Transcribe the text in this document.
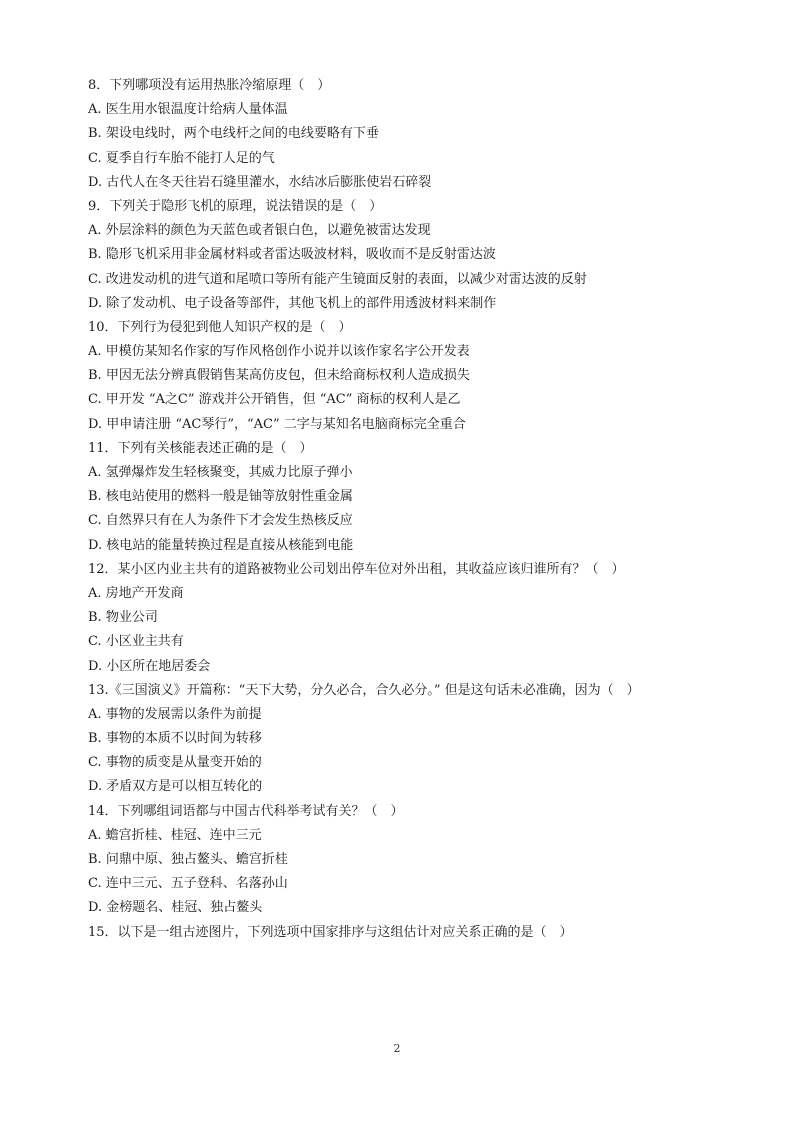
8．下列哪项没有运用热胀冷缩原理（　）
A. 医生用水银温度计给病人量体温
B. 架设电线时，两个电线杆之间的电线要略有下垂
C. 夏季自行车胎不能打人足的气
D. 古代人在冬天往岩石缝里灌水，水结冰后膨胀使岩石碎裂
9．下列关于隐形飞机的原理，说法错误的是（　）
A. 外层涂料的颜色为天蓝色或者银白色，以避免被雷达发现
B. 隐形飞机采用非金属材料或者雷达吸波材料，吸收而不是反射雷达波
C. 改进发动机的进气道和尾喷口等所有能产生镜面反射的表面，以减少对雷达波的反射
D. 除了发动机、电子设备等部件，其他飞机上的部件用透波材料来制作
10．下列行为侵犯到他人知识产权的是（　）
A. 甲模仿某知名作家的写作风格创作小说并以该作家名字公开发表
B. 甲因无法分辨真假销售某高仿皮包，但未给商标权利人造成损失
C. 甲开发 “A之C” 游戏并公开销售，但 “AC” 商标的权利人是乙
D. 甲申请注册 “AC琴行”，“AC” 二字与某知名电脑商标完全重合
11．下列有关核能表述正确的是（　）
A. 氢弹爆炸发生轻核聚变，其威力比原子弹小
B. 核电站使用的燃料一般是铀等放射性重金属
C. 自然界只有在人为条件下才会发生热核反应
D. 核电站的能量转换过程是直接从核能到电能
12．某小区内业主共有的道路被物业公司划出停车位对外出租，其收益应该归谁所有？（　）
A. 房地产开发商
B. 物业公司
C. 小区业主共有
D. 小区所在地居委会
13.《三国演义》开篇称：“天下大势，分久必合，合久必分。” 但是这句话未必准确，因为（　）
A. 事物的发展需以条件为前提
B. 事物的本质不以时间为转移
C. 事物的质变是从量变开始的
D. 矛盾双方是可以相互转化的
14．下列哪组词语都与中国古代科举考试有关？（　）
A. 蟾宫折桂、桂冠、连中三元
B. 问鼎中原、独占鳌头、蟾宫折桂
C. 连中三元、五子登科、名落孙山
D. 金榜题名、桂冠、独占鳌头
15．以下是一组古迹图片，下列选项中国家排序与这组估计对应关系正确的是（　）
2
